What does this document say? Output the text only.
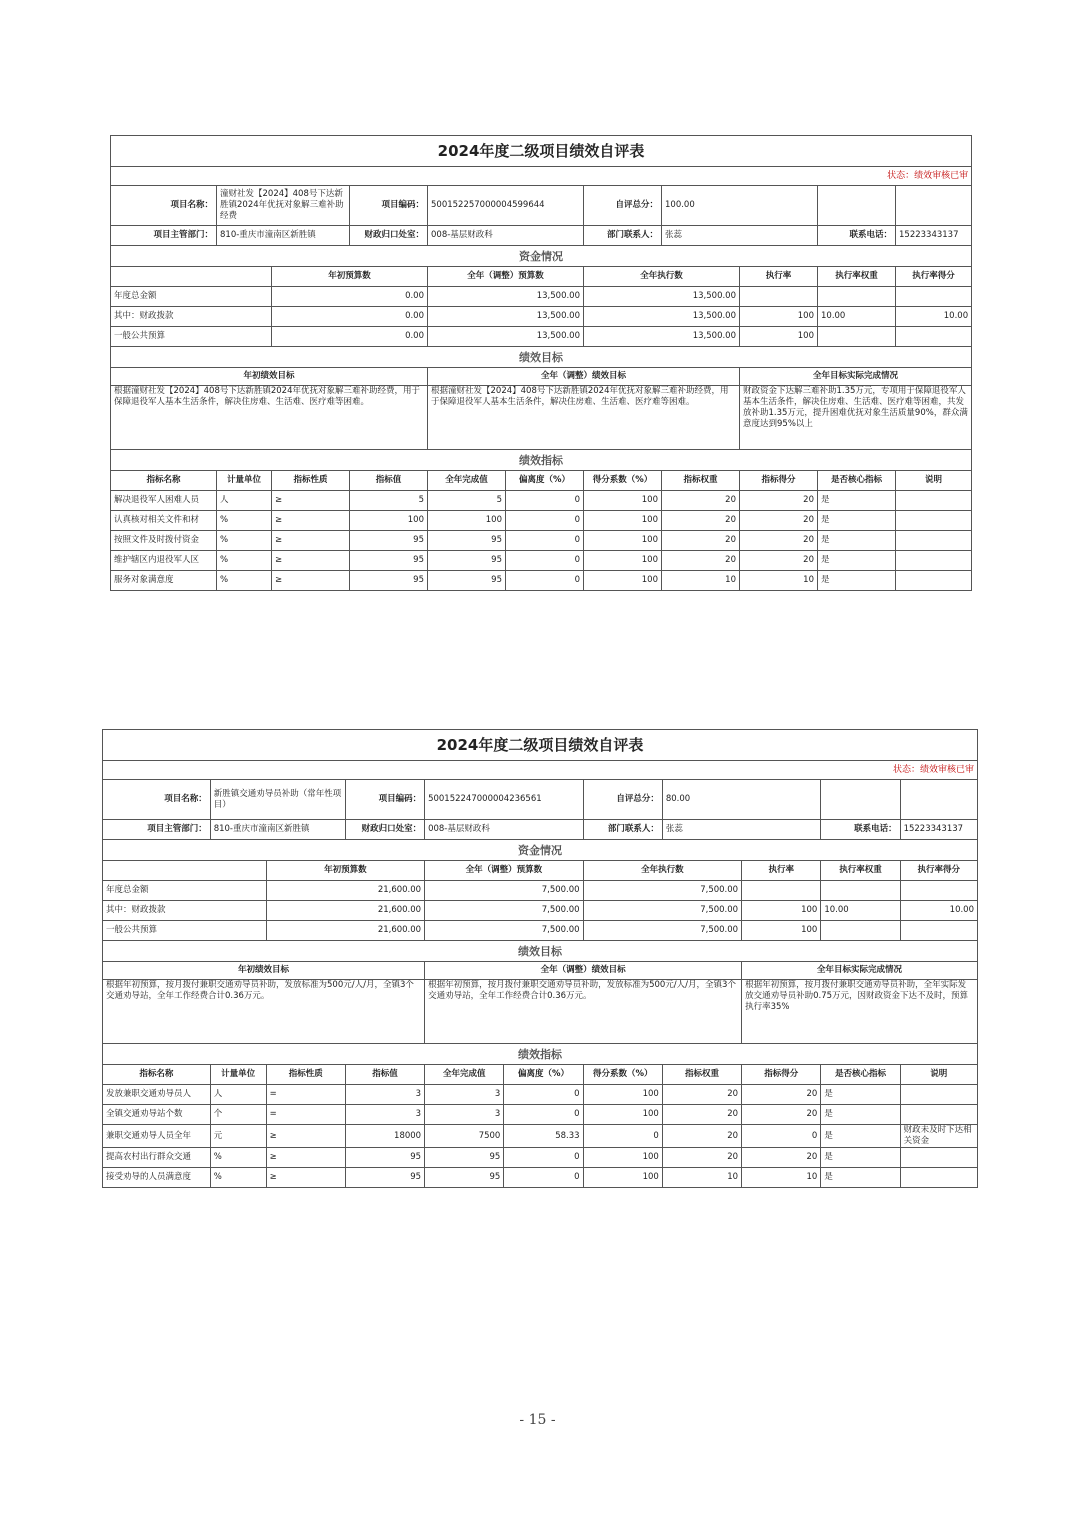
2024年度二级项目绩效自评表										
状态：绩效审核已审										
项目名称：	潼财社发【2024】408号下达新胜镇2024年优抚对象解三难补助经费		项目编码：	500152257000004599644		自评总分：	100.00			
项目主管部门：	810-重庆市潼南区新胜镇		财政归口处室：	008-基层财政科		部门联系人：	张蕊		联系电话：	15223343137
资金情况										
		年初预算数		全年（调整）预算数		全年执行数		执行率	执行率权重	执行率得分
年度总金额		0.00		13,500.00		13,500.00				
其中：财政拨款		0.00		13,500.00		13,500.00		100	10.00	10.00
一般公共预算		0.00		13,500.00		13,500.00		100		
绩效目标										
年初绩效目标				全年（调整）绩效目标				全年目标实际完成情况		
根据潼财社发【2024】408号下达新胜镇2024年优抚对象解三难补助经费，用于保障退役军人基本生活条件，解决住房难、生活难、医疗难等困难。				根据潼财社发【2024】408号下达新胜镇2024年优抚对象解三难补助经费，用于保障退役军人基本生活条件，解决住房难、生活难、医疗难等困难。				财政资金下达解三难补助1.35万元，专项用于保障退役军人基本生活条件，解决住房难、生活难、医疗难等困难，共发放补助1.35万元，提升困难优抚对象生活质量90%，群众满意度达到95%以上		
绩效指标										
指标名称	计量单位	指标性质	指标值	全年完成值	偏离度（%）	得分系数（%）	指标权重	指标得分	是否核心指标	说明
解决退役军人困难人员	人	≥	5	5	0	100	20	20	是	
认真核对相关文件和材	%	≥	100	100	0	100	20	20	是	
按照文件及时拨付资金	%	≥	95	95	0	100	20	20	是	
维护辖区内退役军人区	%	≥	95	95	0	100	20	20	是	
服务对象满意度	%	≥	95	95	0	100	10	10	是	
2024年度二级项目绩效自评表										
状态：绩效审核已审										
项目名称：	新胜镇交通劝导员补助（常年性项目）		项目编码：	500152247000004236561		自评总分：	80.00			
项目主管部门：	810-重庆市潼南区新胜镇		财政归口处室：	008-基层财政科		部门联系人：	张蕊		联系电话：	15223343137
资金情况										
		年初预算数		全年（调整）预算数		全年执行数		执行率	执行率权重	执行率得分
年度总金额		21,600.00		7,500.00		7,500.00				
其中：财政拨款		21,600.00		7,500.00		7,500.00		100	10.00	10.00
一般公共预算		21,600.00		7,500.00		7,500.00		100		
绩效目标										
年初绩效目标				全年（调整）绩效目标				全年目标实际完成情况		
根据年初预算，按月拨付兼职交通劝导员补助，发放标准为500元/人/月，全镇3个交通劝导站，全年工作经费合计0.36万元。				根据年初预算，按月拨付兼职交通劝导员补助，发放标准为500元/人/月，全镇3个交通劝导站，全年工作经费合计0.36万元。				根据年初预算，按月拨付兼职交通劝导员补助，全年实际发放交通劝导员补助0.75万元，因财政资金下达不及时，预算执行率35%		
绩效指标										
指标名称	计量单位	指标性质	指标值	全年完成值	偏离度（%）	得分系数（%）	指标权重	指标得分	是否核心指标	说明
发放兼职交通劝导员人	人	=	3	3	0	100	20	20	是	
全镇交通劝导站个数	个	=	3	3	0	100	20	20	是	
兼职交通劝导人员全年	元	≥	18000	7500	58.33	0	20	0	是	财政未及时下达相关资金
提高农村出行群众交通	%	≥	95	95	0	100	20	20	是	
接受劝导的人员满意度	%	≥	95	95	0	100	10	10	是	
- 15 -
